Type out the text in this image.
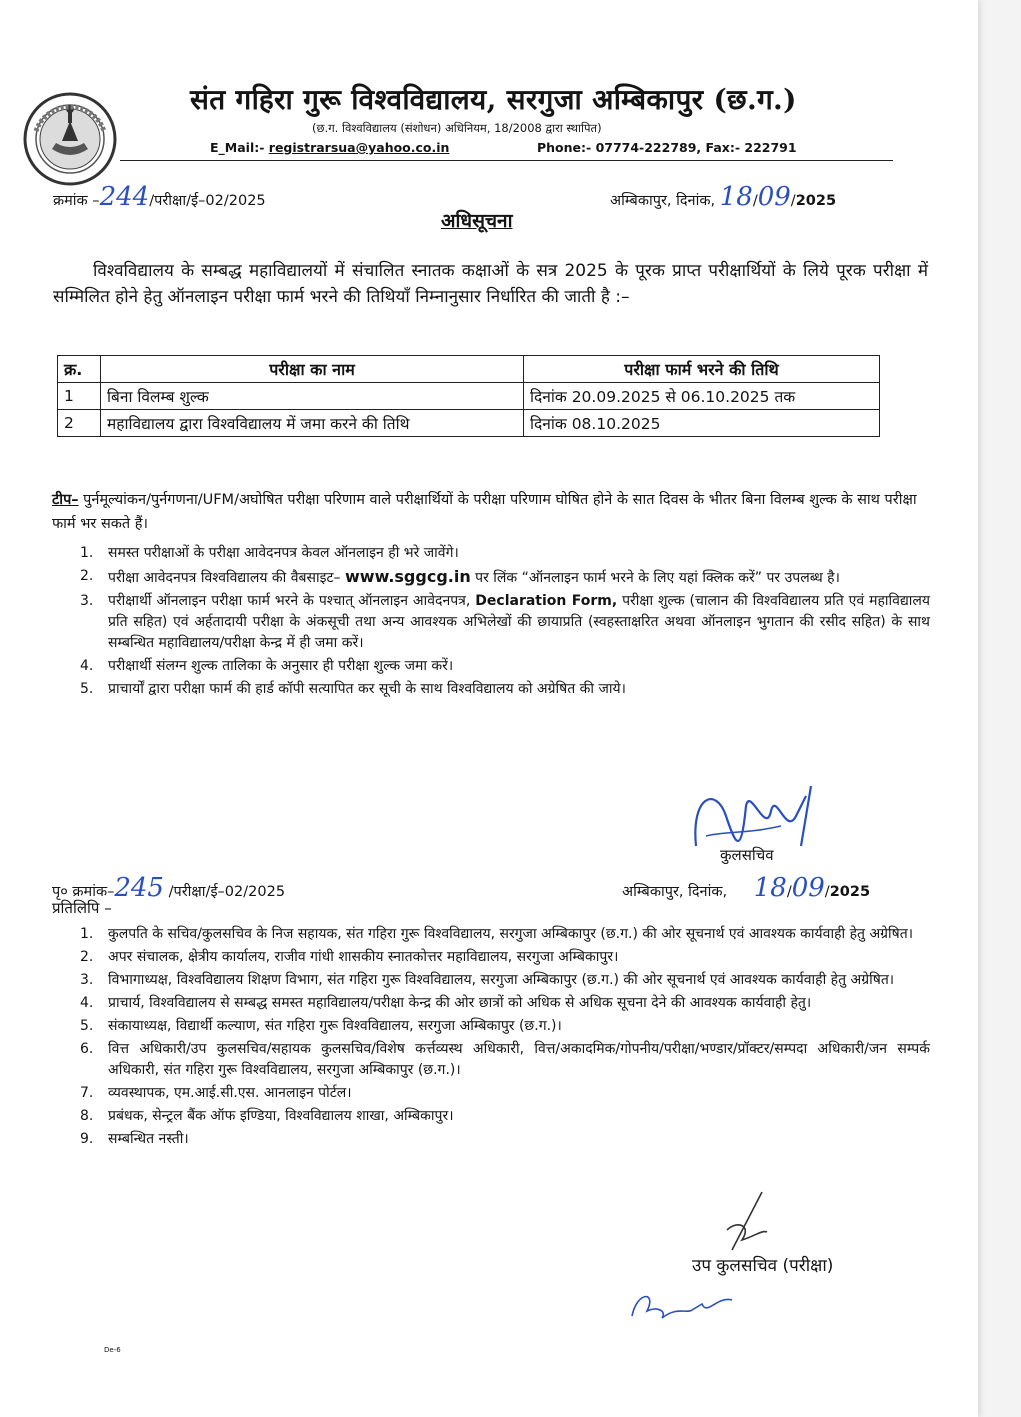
संत गहिरा गुरू विश्वविद्यालय, सरगुजा अम्बिकापुर (छ.ग.)
(छ.ग. विश्वविद्यालय (संशोधन) अधिनियम, 18/2008 द्वारा स्थापित)
E_Mail:- registrarsua@yahoo.co.in	Phone:- 07774-222789, Fax:- 222791
क्रमांक –244/परीक्षा/ई–02/2025	अम्बिकापुर, दिनांक, 18/09/2025
अधिसूचना
विश्वविद्यालय के सम्बद्ध महाविद्यालयों में संचालित स्नातक कक्षाओं के सत्र 2025 के पूरक प्राप्त परीक्षार्थियों के लिये पूरक परीक्षा में सम्मिलित होने हेतु ऑनलाइन परीक्षा फार्म भरने की तिथियाँ निम्नानुसार निर्धारित की जाती है :–
क्र.	परीक्षा का नाम	परीक्षा फार्म भरने की तिथि
1	बिना विलम्ब शुल्क	दिनांक 20.09.2025 से 06.10.2025 तक
2	महाविद्यालय द्वारा विश्वविद्यालय में जमा करने की तिथि	दिनांक 08.10.2025
टीप– पुर्नमूल्यांकन/पुर्नगणना/UFM/अघोषित परीक्षा परिणाम वाले परीक्षार्थियों के परीक्षा परिणाम घोषित होने के सात दिवस के भीतर बिना विलम्ब शुल्क के साथ परीक्षा फार्म भर सकते हैं।
1. समस्त परीक्षाओं के परीक्षा आवेदनपत्र केवल ऑनलाइन ही भरे जावेंगे।
2. परीक्षा आवेदनपत्र विश्वविद्यालय की वैबसाइट– www.sggcg.in पर लिंक “ऑनलाइन फार्म भरने के लिए यहां क्लिक करें” पर उपलब्ध है।
3. परीक्षार्थी ऑनलाइन परीक्षा फार्म भरने के पश्चात् ऑनलाइन आवेदनपत्र, Declaration Form, परीक्षा शुल्क (चालान की विश्वविद्यालय प्रति एवं महाविद्यालय प्रति सहित) एवं अर्हतादायी परीक्षा के अंकसूची तथा अन्य आवश्यक अभिलेखों की छायाप्रति (स्वहस्ताक्षरित अथवा ऑनलाइन भुगतान की रसीद सहित) के साथ सम्बन्धित महाविद्यालय/परीक्षा केन्द्र में ही जमा करें।
4. परीक्षार्थी संलग्न शुल्क तालिका के अनुसार ही परीक्षा शुल्क जमा करें।
5. प्राचार्यों द्वारा परीक्षा फार्म की हार्ड कॉपी सत्यापित कर सूची के साथ विश्वविद्यालय को अग्रेषित की जाये।
कुलसचिव
पृ० क्रमांक–245 /परीक्षा/ई–02/2025	अम्बिकापुर, दिनांक, 18/09/2025
प्रतिलिपि –
1. कुलपति के सचिव/कुलसचिव के निज सहायक, संत गहिरा गुरू विश्वविद्यालय, सरगुजा अम्बिकापुर (छ.ग.) की ओर सूचनार्थ एवं आवश्यक कार्यवाही हेतु अग्रेषित।
2. अपर संचालक, क्षेत्रीय कार्यालय, राजीव गांधी शासकीय स्नातकोत्तर महाविद्यालय, सरगुजा अम्बिकापुर।
3. विभागाध्यक्ष, विश्वविद्यालय शिक्षण विभाग, संत गहिरा गुरू विश्वविद्यालय, सरगुजा अम्बिकापुर (छ.ग.) की ओर सूचनार्थ एवं आवश्यक कार्यवाही हेतु अग्रेषित।
4. प्राचार्य, विश्वविद्यालय से सम्बद्ध समस्त महाविद्यालय/परीक्षा केन्द्र की ओर छात्रों को अधिक से अधिक सूचना देने की आवश्यक कार्यवाही हेतु।
5. संकायाध्यक्ष, विद्यार्थी कल्याण, संत गहिरा गुरू विश्वविद्यालय, सरगुजा अम्बिकापुर (छ.ग.)।
6. वित्त अधिकारी/उप कुलसचिव/सहायक कुलसचिव/विशेष कर्त्तव्यस्थ अधिकारी, वित्त/अकादमिक/गोपनीय/परीक्षा/भण्डार/प्रॉक्टर/सम्पदा अधिकारी/जन सम्पर्क अधिकारी, संत गहिरा गुरू विश्वविद्यालय, सरगुजा अम्बिकापुर (छ.ग.)।
7. व्यवस्थापक, एम.आई.सी.एस. आनलाइन पोर्टल।
8. प्रबंधक, सेन्ट्रल बैंक ऑफ इण्डिया, विश्वविद्यालय शाखा, अम्बिकापुर।
9. सम्बन्धित नस्ती।
उप कुलसचिव (परीक्षा)
De-6
